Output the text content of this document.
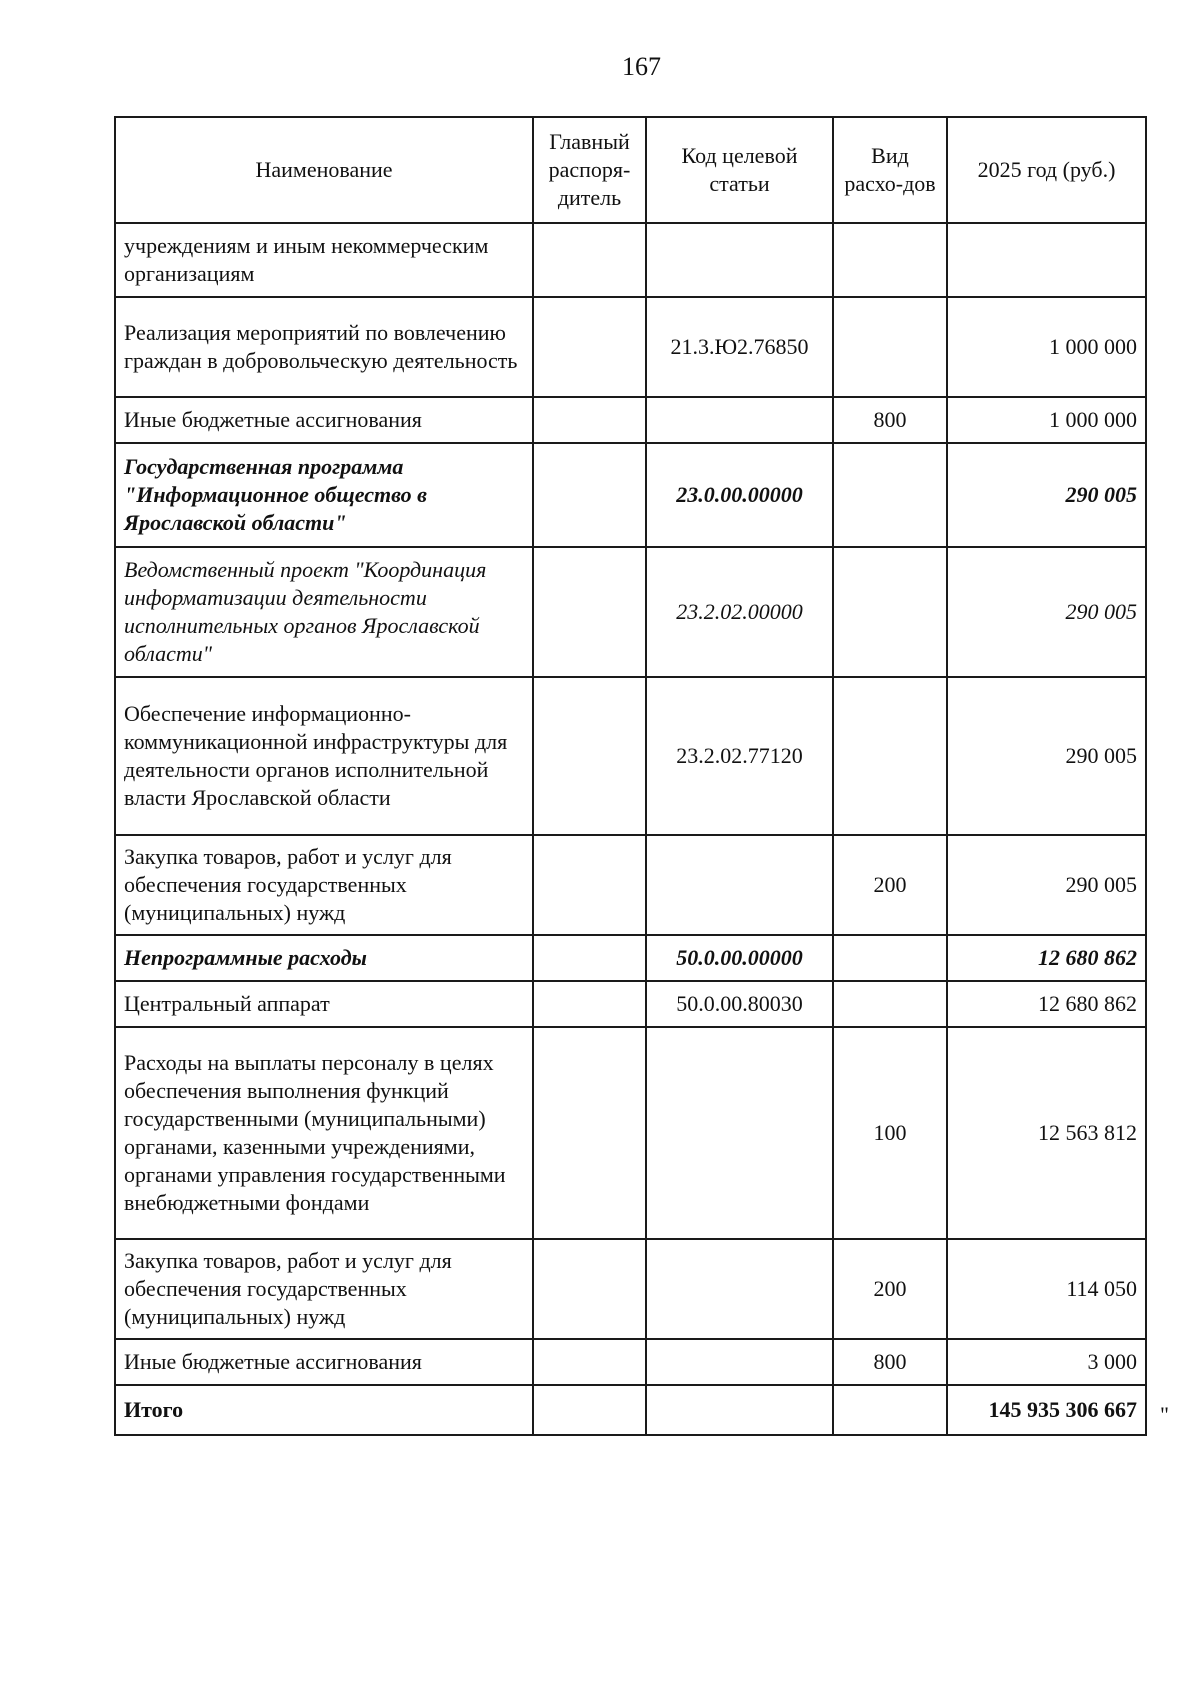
167
Наименование	Главный распоря-дитель	Код целевой статьи	Вид расхо-дов	2025 год (руб.)
учреждениям и иным некоммерческим организациям				
Реализация мероприятий по вовлечению граждан в добровольческую деятельность		21.3.Ю2.76850		1 000 000
Иные бюджетные ассигнования			800	1 000 000
Государственная программа "Информационное общество в Ярославской области"		23.0.00.00000		290 005
Ведомственный проект "Координация информатизации деятельности исполнительных органов Ярославской области"		23.2.02.00000		290 005
Обеспечение информационно-коммуникационной инфраструктуры для деятельности органов исполнительной власти Ярославской области		23.2.02.77120		290 005
Закупка товаров, работ и услуг для обеспечения государственных (муниципальных) нужд			200	290 005
Непрограммные расходы		50.0.00.00000		12 680 862
Центральный аппарат		50.0.00.80030		12 680 862
Расходы на выплаты персоналу в целях обеспечения выполнения функций государственными (муниципальными) органами, казенными учреждениями, органами управления государственными внебюджетными фондами			100	12 563 812
Закупка товаров, работ и услуг для обеспечения государственных (муниципальных) нужд			200	114 050
Иные бюджетные ассигнования			800	3 000
Итого				145 935 306 667 "
